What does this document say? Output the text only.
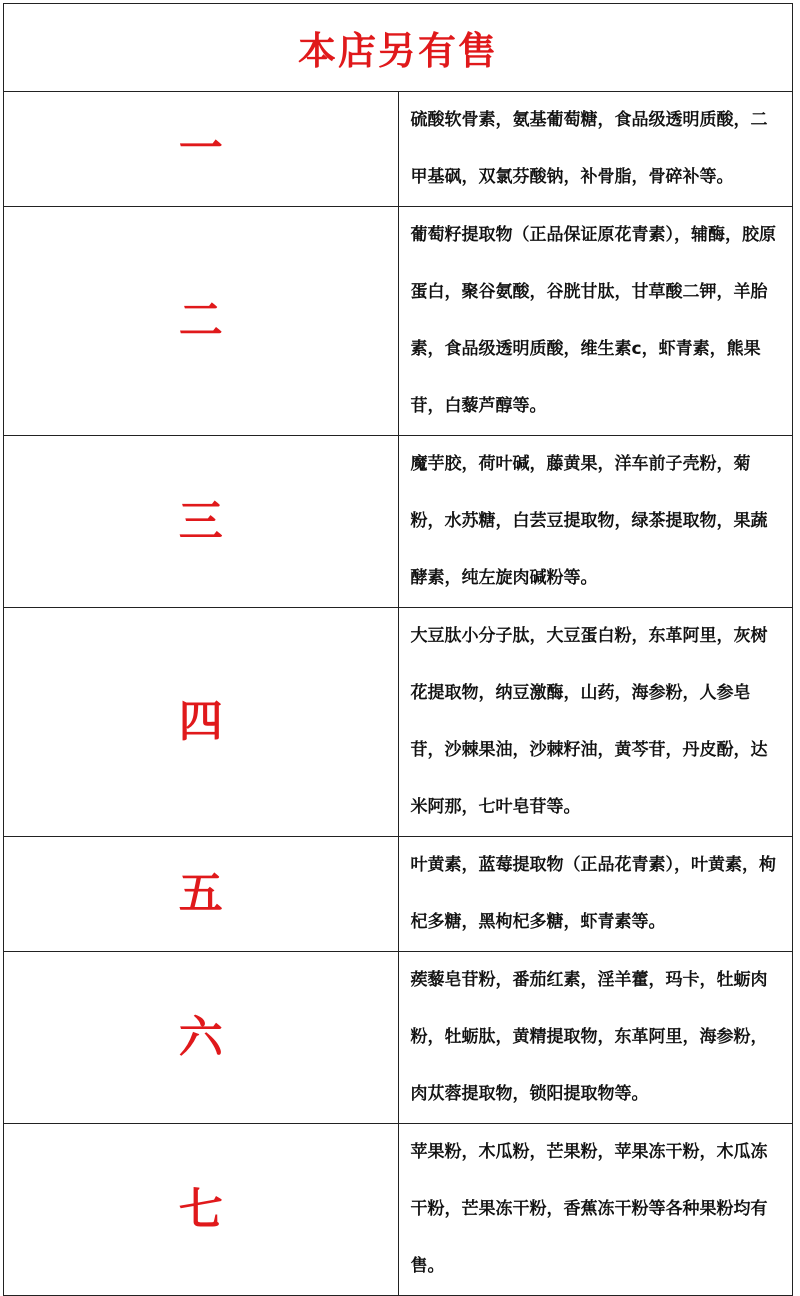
本店另有售	
一	硫酸软骨素，氨基葡萄糖，食品级透明质酸，二甲基砜，双氯芬酸钠，补骨脂，骨碎补等。

二	葡萄籽提取物（正品保证原花青素），辅酶，胶原蛋白，聚谷氨酸，谷胱甘肽，甘草酸二钾，羊胎素，食品级透明质酸，维生素c，虾青素，熊果苷，白藜芦醇等。

三	魔芋胶，荷叶碱，藤黄果，洋车前子壳粉，菊粉，水苏糖，白芸豆提取物，绿茶提取物，果蔬酵素，纯左旋肉碱粉等。

四	大豆肽小分子肽，大豆蛋白粉，东革阿里，灰树花提取物，纳豆激酶，山药，海参粉，人参皂苷，沙棘果油，沙棘籽油，黄芩苷，丹皮酚，达米阿那，七叶皂苷等。

五	叶黄素，蓝莓提取物（正品花青素），叶黄素，枸杞多糖，黑枸杞多糖，虾青素等。

六	蒺藜皂苷粉，番茄红素，淫羊藿，玛卡，牡蛎肉粉，牡蛎肽，黄精提取物，东革阿里，海参粉，肉苁蓉提取物，锁阳提取物等。

七	苹果粉，木瓜粉，芒果粉，苹果冻干粉，木瓜冻干粉，芒果冻干粉，香蕉冻干粉等各种果粉均有售。
